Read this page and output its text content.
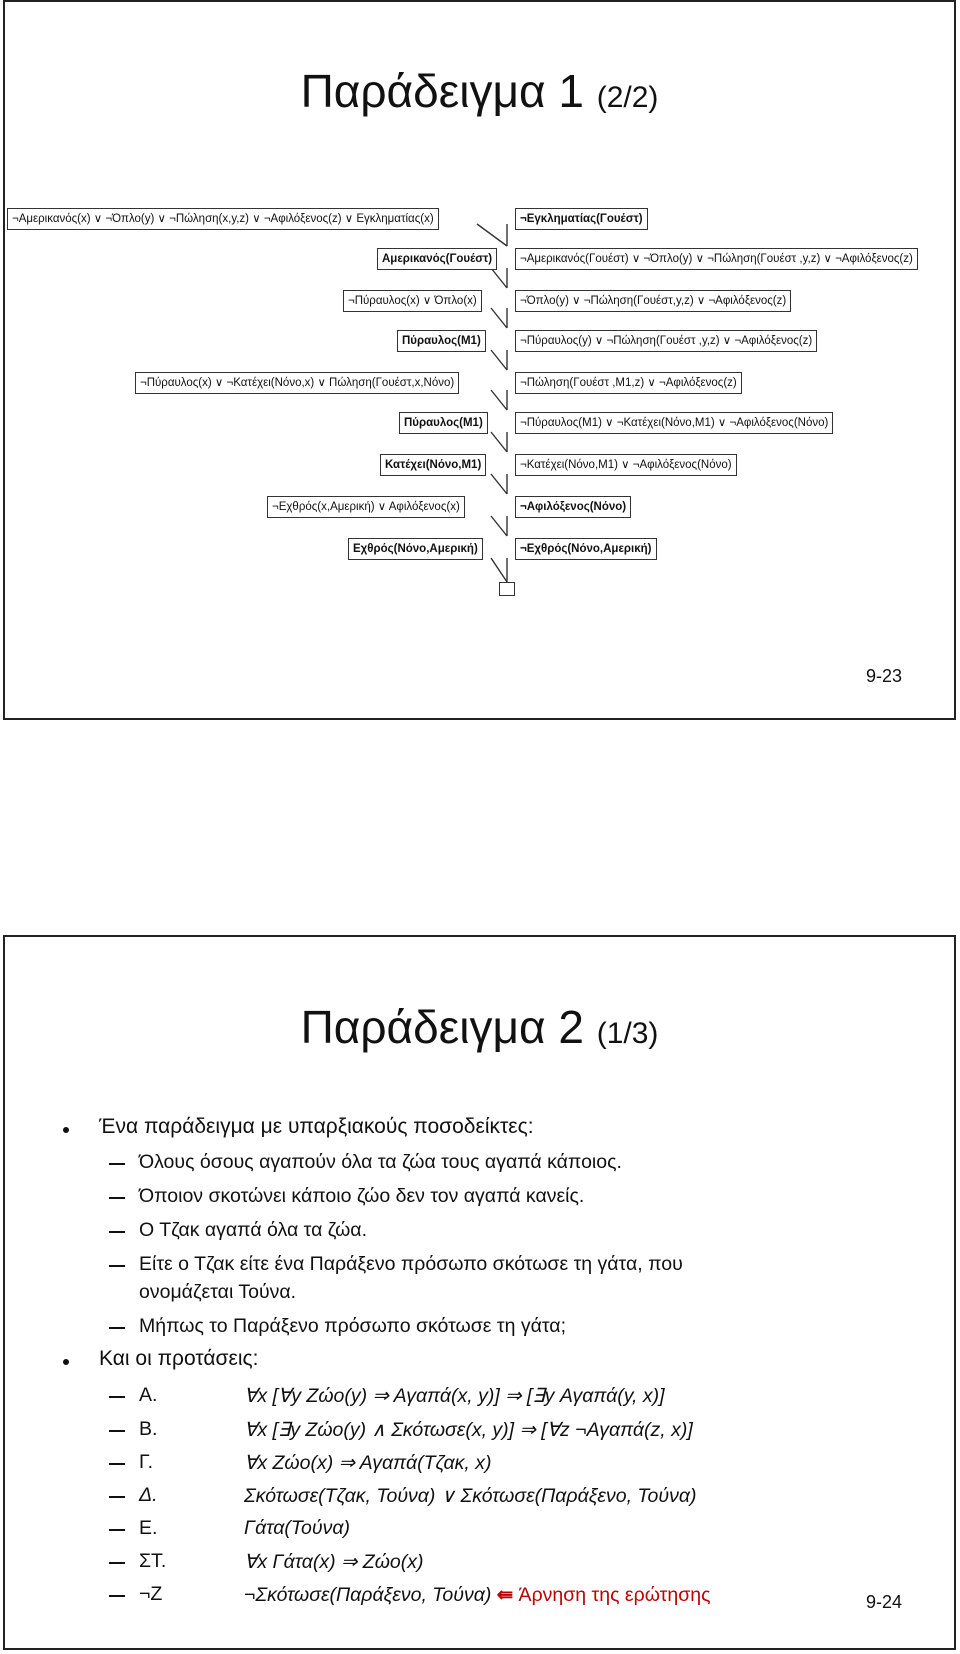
Παράδειγμα 1 (2/2)
¬Αμερικανός(x) ∨ ¬Όπλο(y) ∨ ¬Πώληση(x,y,z) ∨ ¬Αφιλόξενος(z) ∨ Εγκληματίας(x)	¬Εγκληματίας(Γουέστ)
Αμερικανός(Γουέστ)	¬Αμερικανός(Γουέστ) ∨ ¬Όπλο(y) ∨ ¬Πώληση(Γουέστ ,y,z) ∨ ¬Αφιλόξενος(z)
¬Πύραυλος(x) ∨ Όπλο(x)	¬Όπλο(y) ∨ ¬Πώληση(Γουέστ,y,z) ∨ ¬Αφιλόξενος(z)
Πύραυλος(M1)	¬Πύραυλος(y) ∨ ¬Πώληση(Γουέστ ,y,z) ∨ ¬Αφιλόξενος(z)
¬Πύραυλος(x) ∨ ¬Κατέχει(Νόνο,x) ∨ Πώληση(Γουέστ,x,Νόνο)	¬Πώληση(Γουέστ ,M1,z) ∨ ¬Αφιλόξενος(z)
Πύραυλος(M1)	¬Πύραυλος(M1) ∨ ¬Κατέχει(Νόνο,M1) ∨ ¬Αφιλόξενος(Νόνο)
Κατέχει(Νόνο,M1)	¬Κατέχει(Νόνο,M1) ∨ ¬Αφιλόξενος(Νόνο)
¬Εχθρός(x,Αμερική) ∨ Αφιλόξενος(x)	¬Αφιλόξενος(Νόνο)
Εχθρός(Νόνο,Αμερική)	¬Εχθρός(Νόνο,Αμερική)
9-23
Παράδειγμα 2 (1/3)
Ένα παράδειγμα με υπαρξιακούς ποσοδείκτες:
Όλους όσους αγαπούν όλα τα ζώα τους αγαπά κάποιος.
Όποιον σκοτώνει κάποιο ζώο δεν τον αγαπά κανείς.
Ο Τζακ αγαπά όλα τα ζώα.
Είτε ο Τζακ είτε ένα Παράξενο πρόσωπο σκότωσε τη γάτα, που
ονομάζεται Τούνα.
Μήπως το Παράξενο πρόσωπο σκότωσε τη γάτα;
Και οι προτάσεις:
Α.	∀x [∀y Ζώο(y) ⇒ Αγαπά(x, y)] ⇒ [∃y Αγαπά(y, x)]
Β.	∀x [∃y Ζώο(y) ∧ Σκότωσε(x, y)] ⇒ [∀z ¬Αγαπά(z, x)]
Γ.	∀x Ζώο(x) ⇒ Αγαπά(Τζακ, x)
Δ.	Σκότωσε(Τζακ, Τούνα) ∨ Σκότωσε(Παράξενο, Τούνα)
Ε.	Γάτα(Τούνα)
ΣΤ.	∀x Γάτα(x) ⇒ Ζώο(x)
¬Ζ	¬Σκότωσε(Παράξενο, Τούνα) ⇚ Άρνηση της ερώτησης	9-24
